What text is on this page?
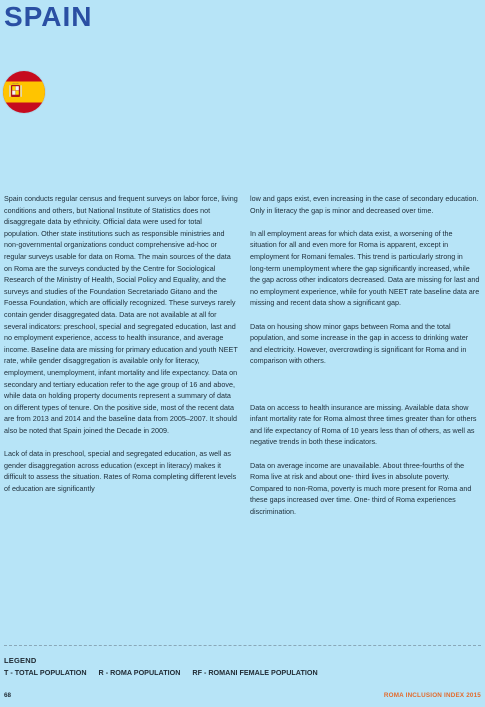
SPAIN

Spain conducts regular census and frequent surveys on labor force, living conditions and others, but National Institute of Statistics does not disaggregate data by ethnicity. Official data were used for total population. Other state institutions such as responsible ministries and non-governmental organizations conduct comprehensive ad-hoc or regular surveys usable for data on Roma. The main sources of the data on Roma are the surveys conducted by the Centre for Sociological Research of the Ministry of Health, Social Policy and Equality, and the surveys and studies of the Foundation Secretariado Gitano and the Foessa Foundation, which are officially recognized. These surveys rarely contain gender disaggregated data. Data are not available at all for several indicators: preschool, special and segregated education, last and no employment experience, access to health insurance, and average income. Baseline data are missing for primary education and youth NEET rate, while gender disaggregation is available only for literacy, employment, unemployment, infant mortality and life expectancy. Data on secondary and tertiary education refer to the age group of 16 and above, while data on holding property documents represent a summary of data on different types of tenure. On the positive side, most of the recent data are from 2013 and 2014 and the baseline data from 2005–2007. It should also be noted that Spain joined the Decade in 2009.

Lack of data in preschool, special and segregated education, as well as gender disaggregation across education (except in literacy) makes it difficult to assess the situation. Rates of Roma completing different levels of education are significantly

low and gaps exist, even increasing in the case of secondary education. Only in literacy the gap is minor and decreased over time.

In all employment areas for which data exist, a worsening of the situation for all and even more for Roma is apparent, except in employment for Romani females. This trend is particularly strong in long-term unemployment where the gap significantly increased, while the gap across other indicators decreased. Data are missing for last and no employment experience, while for youth NEET rate baseline data are missing and recent data show a significant gap.

Data on housing show minor gaps between Roma and the total population, and some increase in the gap in access to drinking water and electricity. However, overcrowding is significant for Roma and in comparison with others.

Data on access to health insurance are missing. Available data show infant mortality rate for Roma almost three times greater than for others and life expectancy of Roma of 10 years less than of others, as well as negative trends in both these indicators.

Data on average income are unavailable. About three-fourths of the Roma live at risk and about one- third lives in absolute poverty. Compared to non-Roma, poverty is much more present for Roma and these gaps increased over time. One- third of Roma experiences discrimination.

LEGEND
T - TOTAL POPULATION R - ROMA POPULATION RF - ROMANI FEMALE POPULATION
68	ROMA INCLUSION INDEX 2015
